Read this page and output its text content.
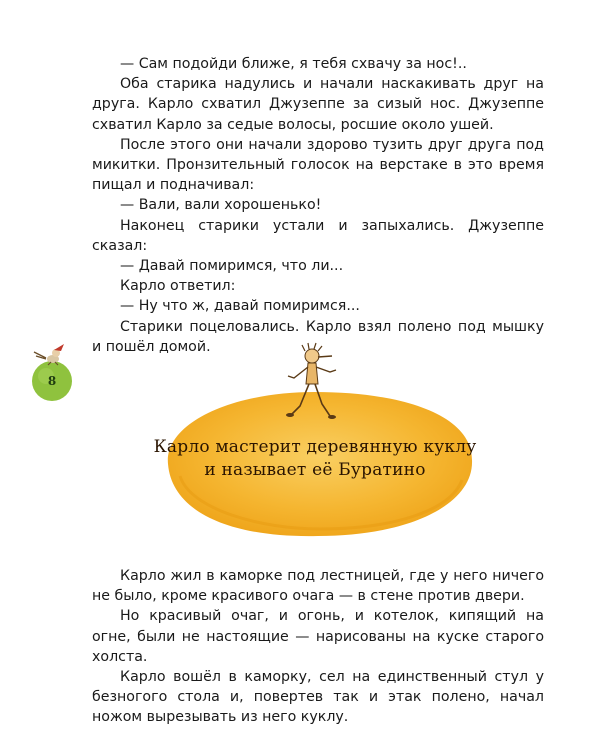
— Сам подойди ближе, я тебя схвачу за нос!..

Оба старика надулись и начали наскакивать друг на друга. Карло схватил Джузеппе за сизый нос. Джузеппе схватил Карло за седые волосы, росшие около ушей.

После этого они начали здорово тузить друг друга под микитки. Пронзительный голосок на верстаке в это время пищал и подначивал:

— Вали, вали хорошенько!

Наконец старики устали и запыхались. Джузеппе сказал:

— Давай помиримся, что ли...

Карло ответил:

— Ну что ж, давай помиримся...

Старики поцеловались. Карло взял полено под мышку и пошёл домой.

8
Карло мастерит деревянную куклу
и называет её Буратино

Карло жил в каморке под лестницей, где у него ничего не было, кроме красивого очага — в стене против двери.

Но красивый очаг, и огонь, и котелок, кипящий на огне, были не настоящие — нарисованы на куске старого холста.

Карло вошёл в каморку, сел на единственный стул у безногого стола и, повертев так и этак полено, начал ножом вырезывать из него куклу.
